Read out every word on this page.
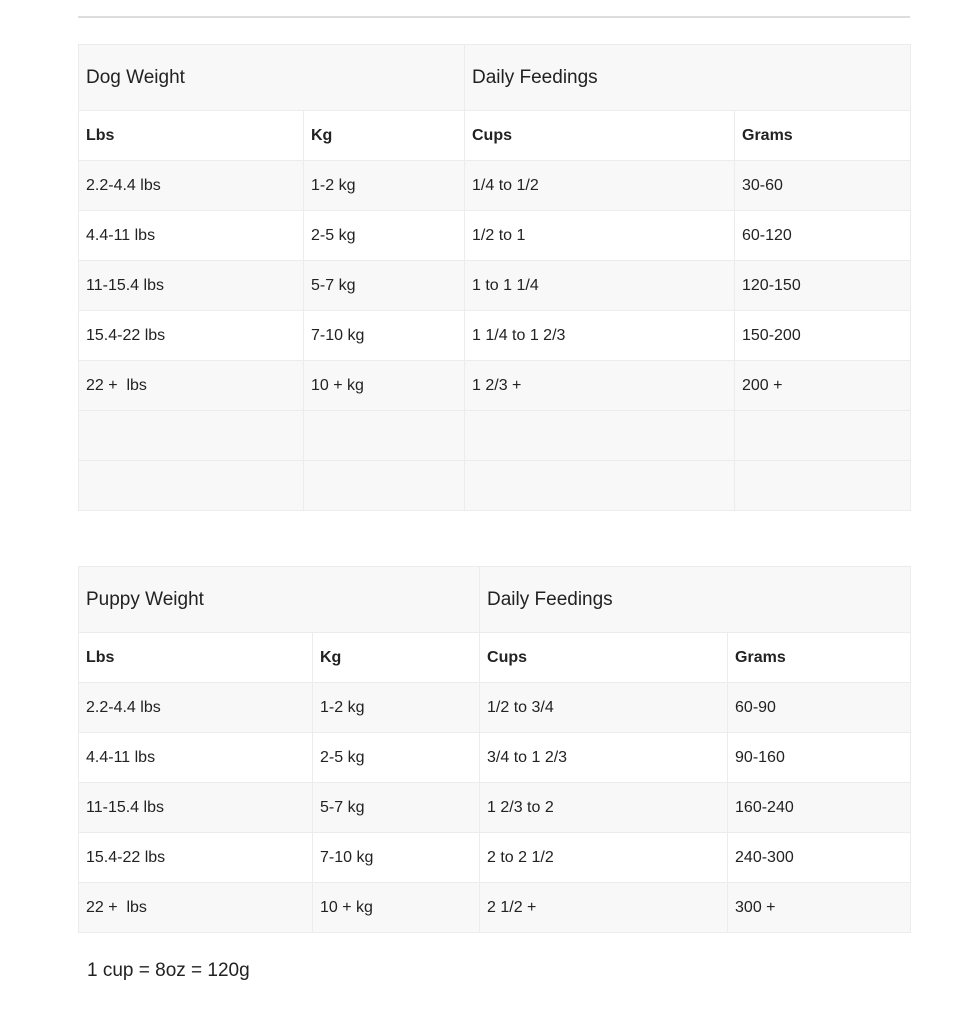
Dog Weight		Daily Feedings	
Lbs	Kg	Cups	Grams
2.2-4.4 lbs	1-2 kg	1/4 to 1/2	30-60
4.4-11 lbs	2-5 kg	1/2 to 1	60-120
11-15.4 lbs	5-7 kg	1 to 1 1/4	120-150
15.4-22 lbs	7-10 kg	1 1/4 to 1 2/3	150-200
22 +  lbs	10 + kg	1 2/3 +	200 +

Puppy Weight		Daily Feedings	
Lbs	Kg	Cups	Grams
2.2-4.4 lbs	1-2 kg	1/2 to 3/4	60-90
4.4-11 lbs	2-5 kg	3/4 to 1 2/3	90-160
11-15.4 lbs	5-7 kg	1 2/3 to 2	160-240
15.4-22 lbs	7-10 kg	2 to 2 1/2	240-300
22 +  lbs	10 + kg	2 1/2 +	300 +
1 cup = 8oz = 120g
